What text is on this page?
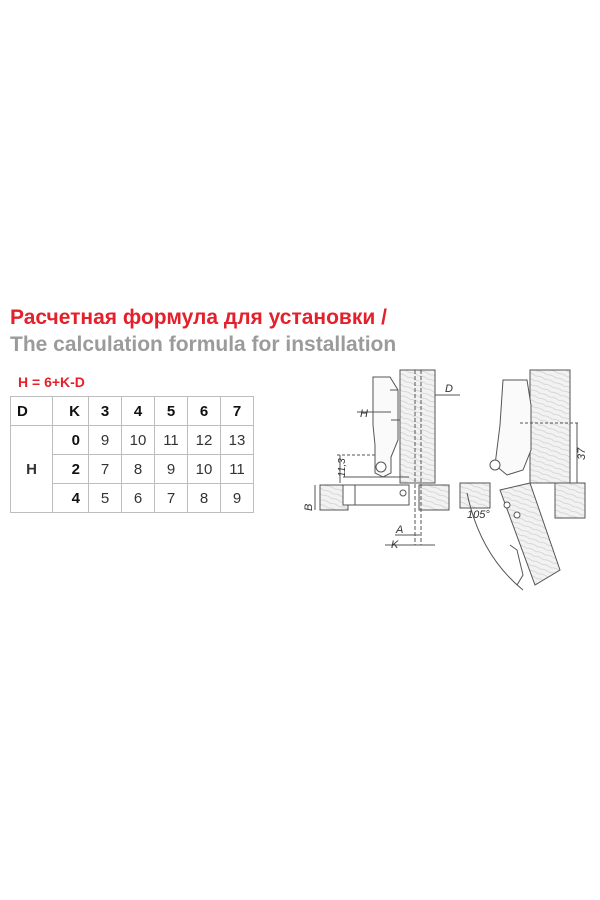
Расчетная формула для установки /
The calculation formula for installation
H = 6+K-D
D	K	3	4	5	6	7
H	0	9	10	11	12	13
	2	7	8	9	10	11
	4	5	6	7	8	9
D
H
11,3
B
A
K
37
105°
